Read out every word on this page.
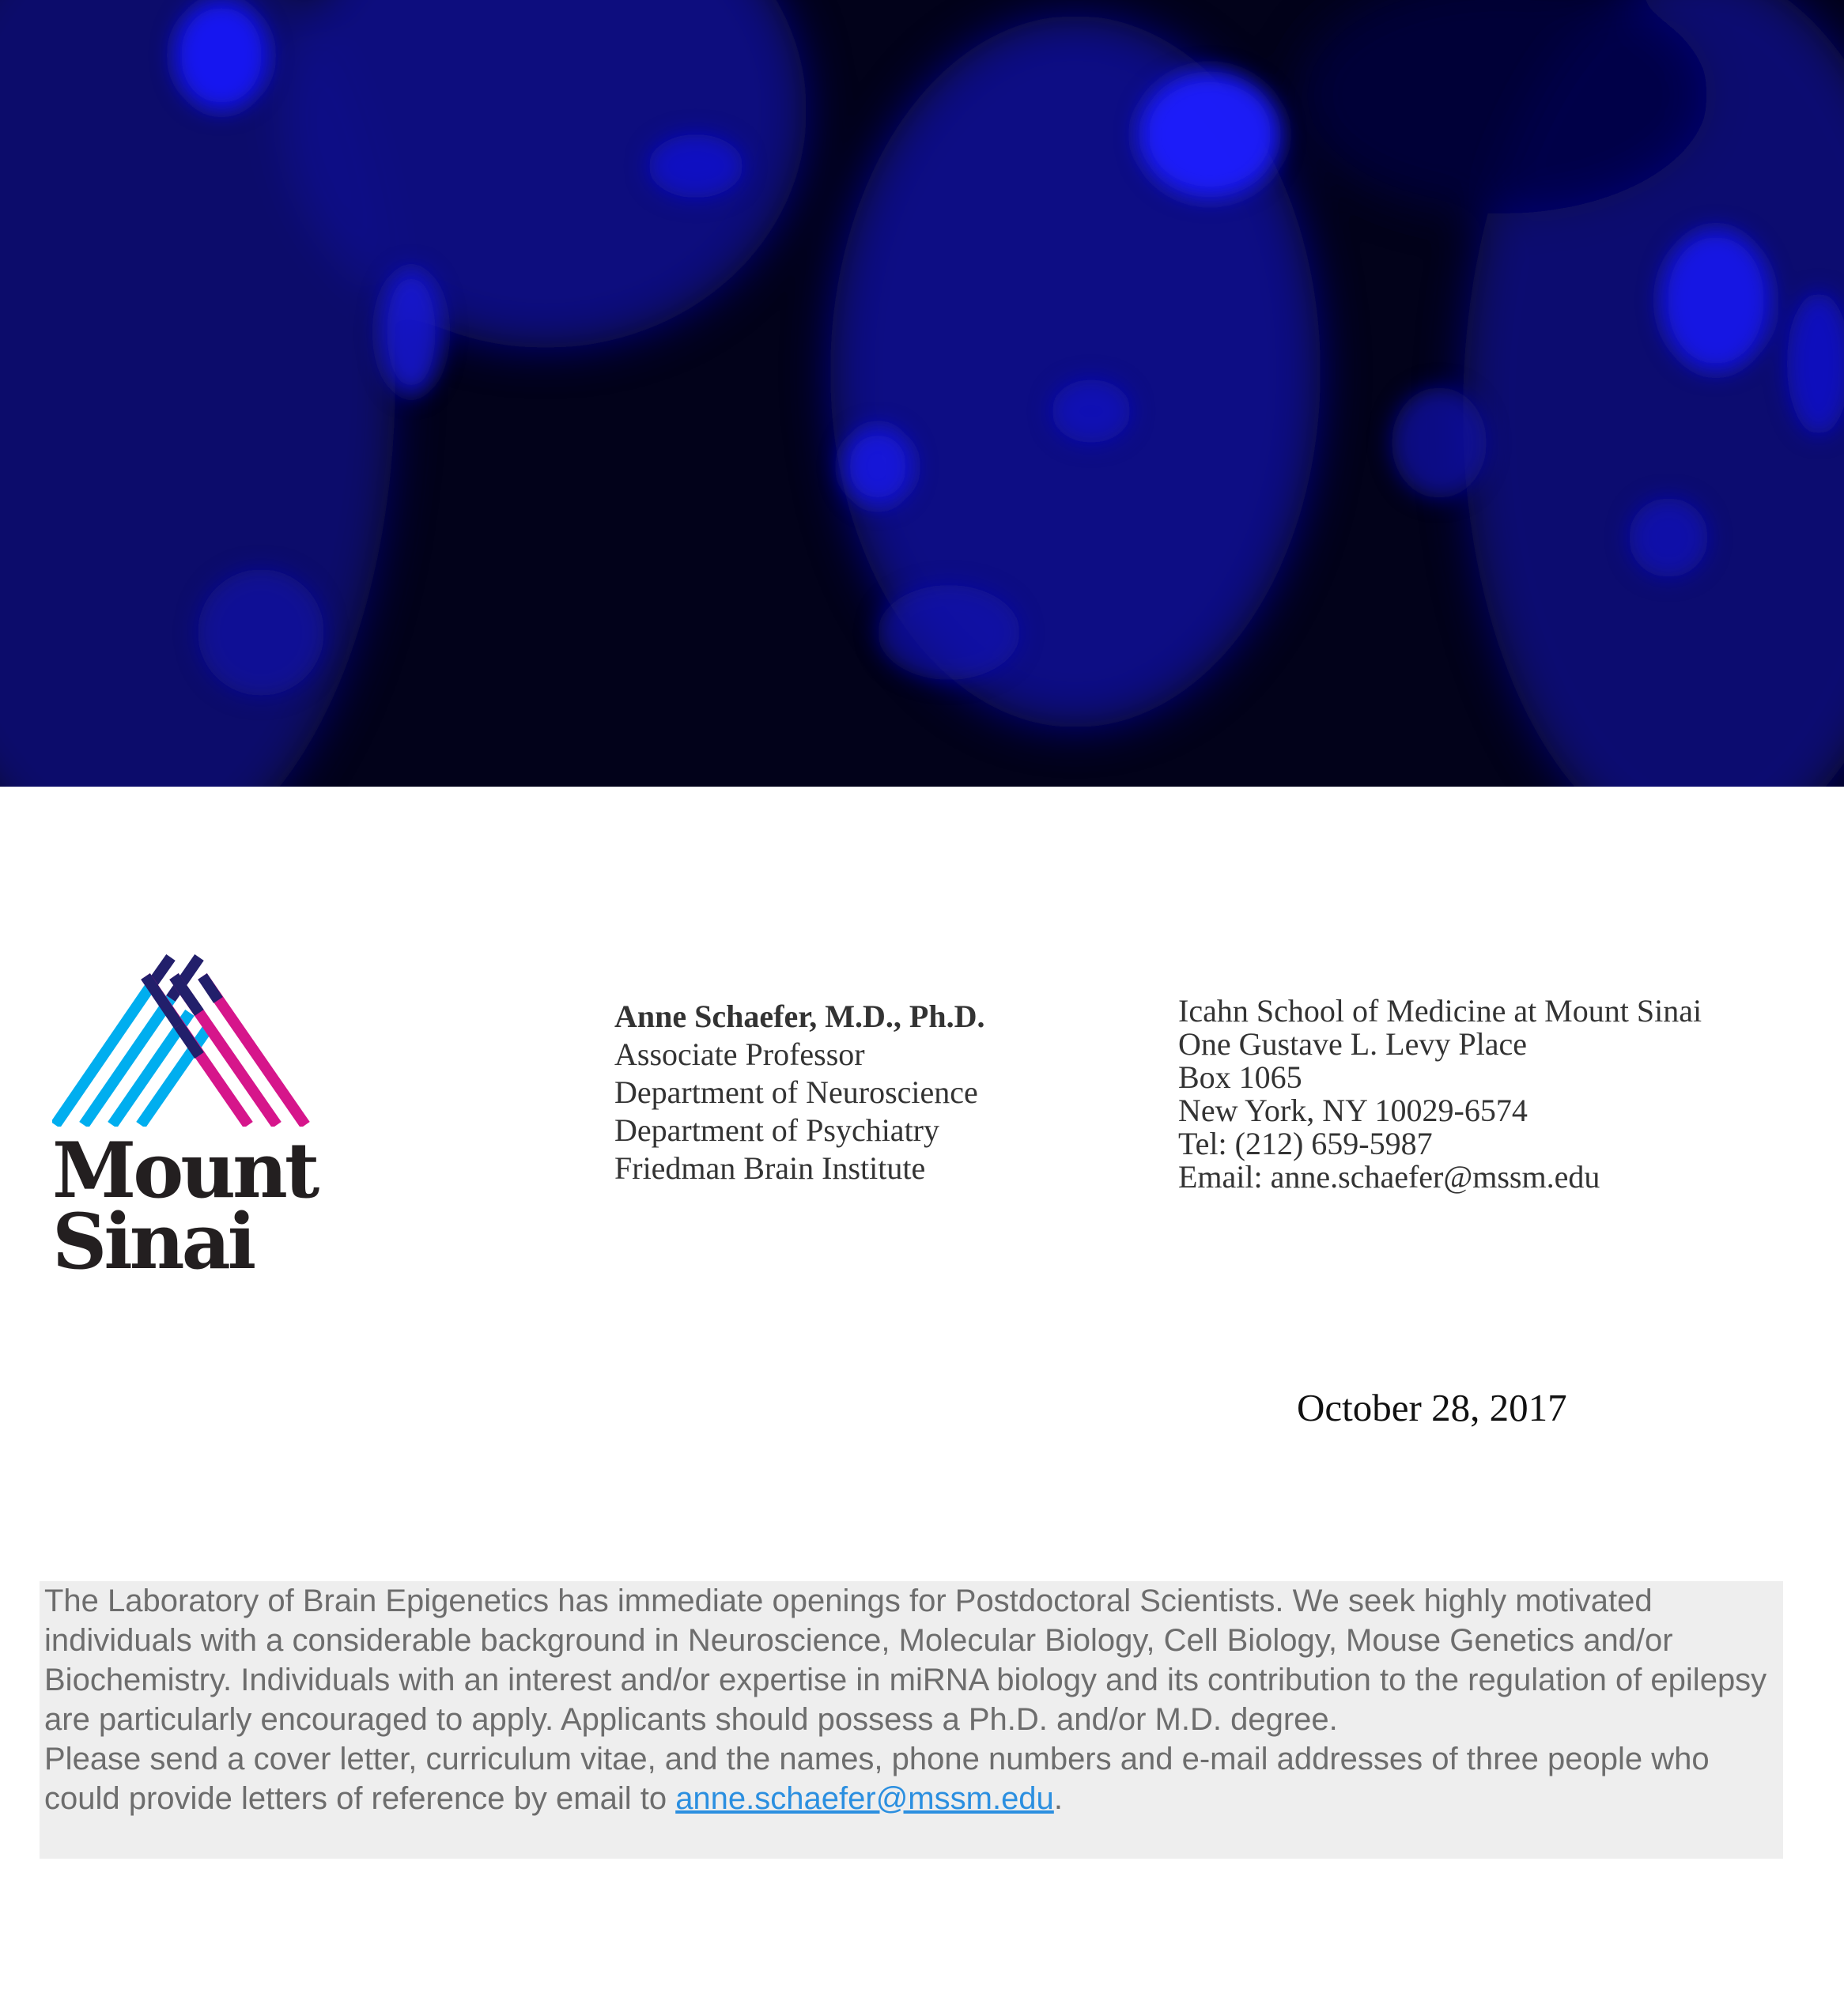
Mount
Sinai
Anne Schaefer, M.D., Ph.D.
Associate Professor
Department of Neuroscience
Department of Psychiatry
Friedman Brain Institute
Icahn School of Medicine at Mount Sinai
One Gustave L. Levy Place
Box 1065
New York, NY 10029-6574
Tel: (212) 659-5987
Email: anne.schaefer@mssm.edu
October 28, 2017

The Laboratory of Brain Epigenetics has immediate openings for Postdoctoral Scientists. We seek highly motivated individuals with a considerable background in Neuroscience, Molecular Biology, Cell Biology, Mouse Genetics and/or Biochemistry. Individuals with an interest and/or expertise in miRNA biology and its contribution to the regulation of epilepsy are particularly encouraged to apply. Applicants should possess a Ph.D. and/or M.D. degree.

Please send a cover letter, curriculum vitae, and the names, phone numbers and e-mail addresses of three people who could provide letters of reference by email to anne.schaefer@mssm.edu.
